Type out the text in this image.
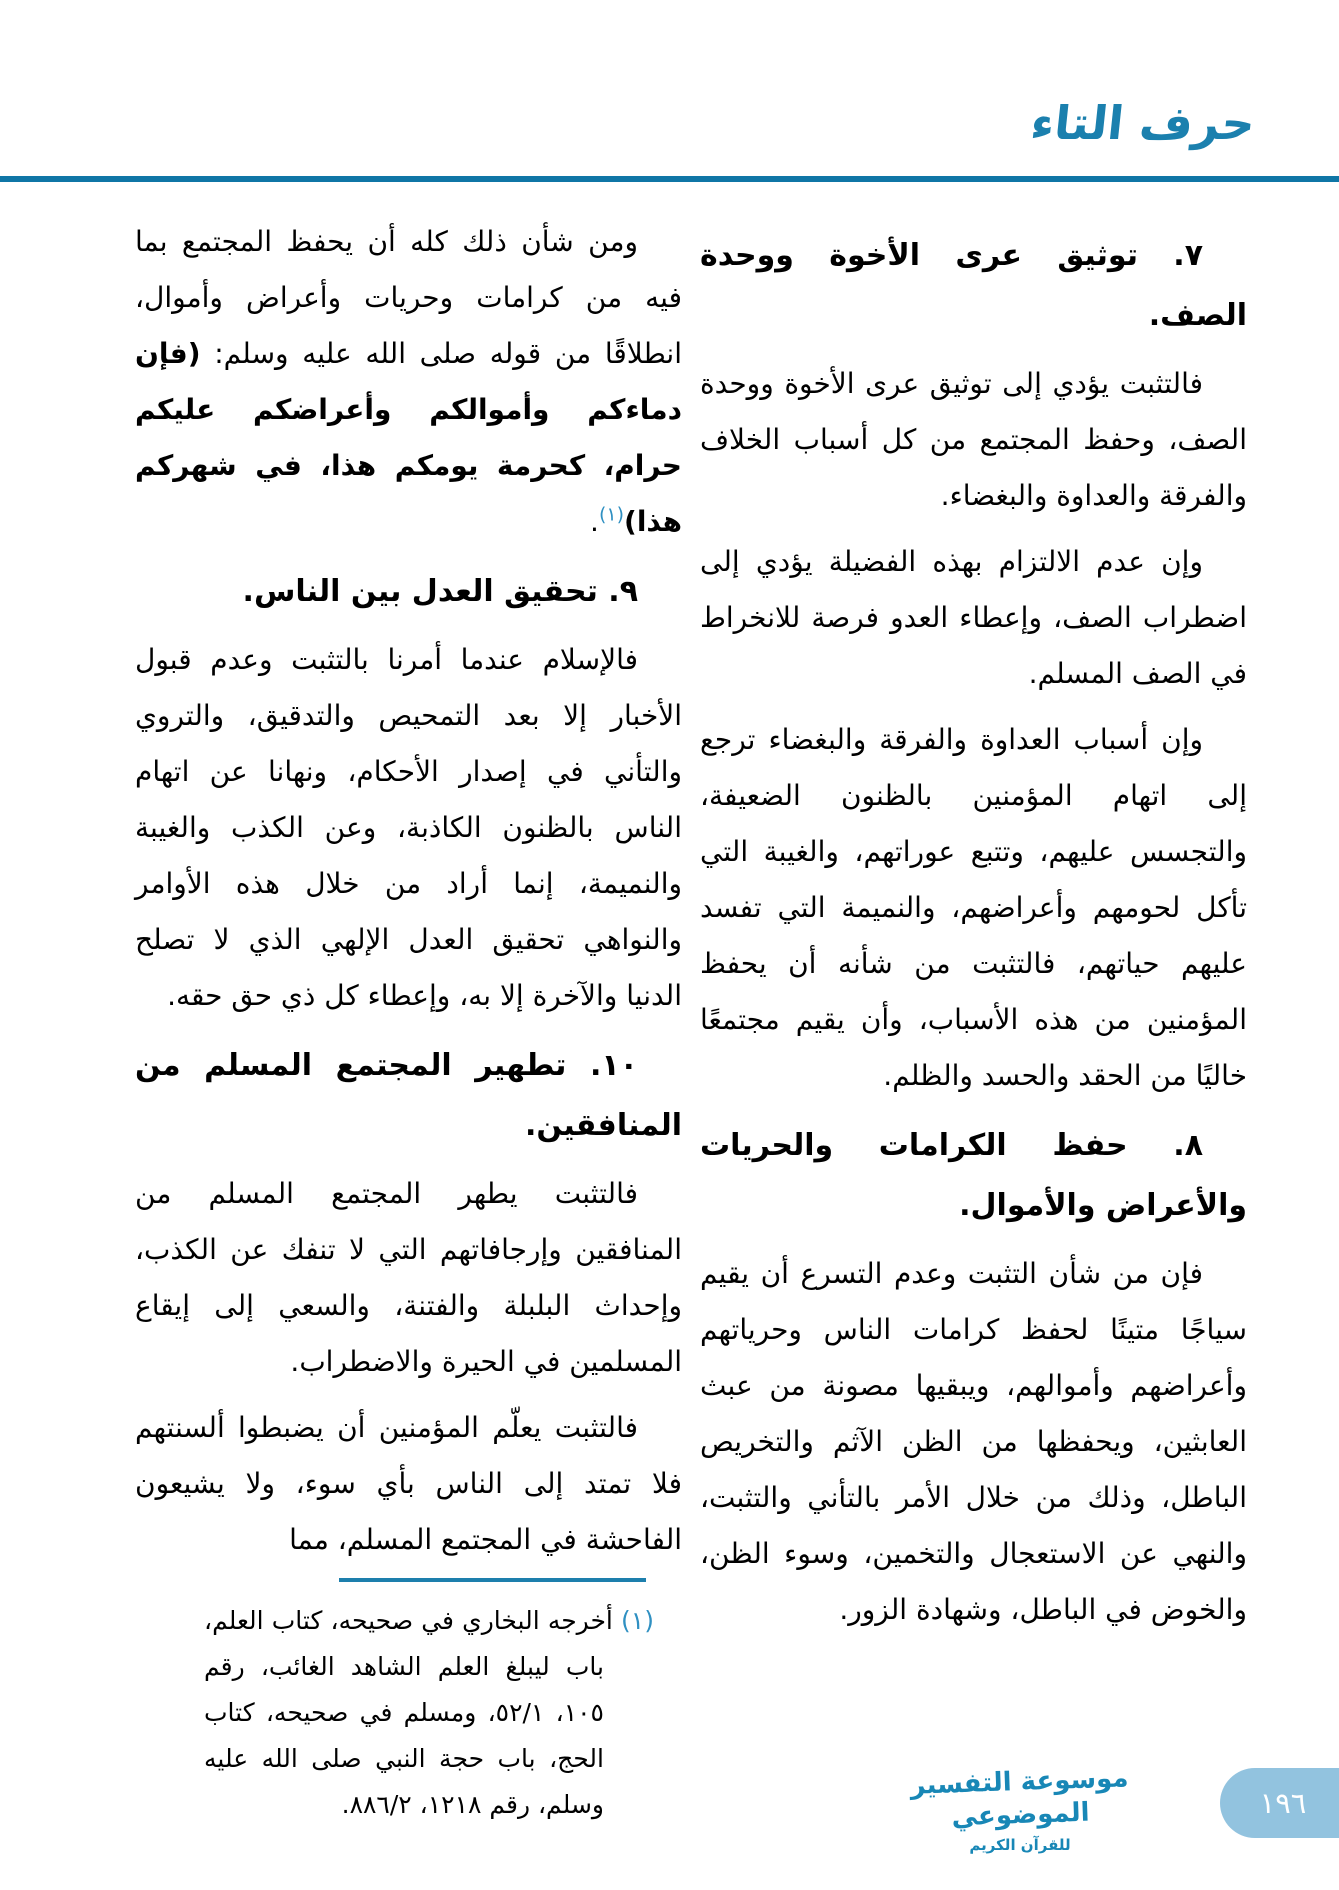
حرف التاء
٧. توثيق عرى الأخوة ووحدة الصف.

فالتثبت يؤدي إلى توثيق عرى الأخوة ووحدة الصف، وحفظ المجتمع من كل أسباب الخلاف والفرقة والعداوة والبغضاء.

وإن عدم الالتزام بهذه الفضيلة يؤدي إلى اضطراب الصف، وإعطاء العدو فرصة للانخراط في الصف المسلم.

وإن أسباب العداوة والفرقة والبغضاء ترجع إلى اتهام المؤمنين بالظنون الضعيفة، والتجسس عليهم، وتتبع عوراتهم، والغيبة التي تأكل لحومهم وأعراضهم، والنميمة التي تفسد عليهم حياتهم، فالتثبت من شأنه أن يحفظ المؤمنين من هذه الأسباب، وأن يقيم مجتمعًا خاليًا من الحقد والحسد والظلم.

٨. حفظ الكرامات والحريات والأعراض والأموال.

فإن من شأن التثبت وعدم التسرع أن يقيم سياجًا متينًا لحفظ كرامات الناس وحرياتهم وأعراضهم وأموالهم، ويبقيها مصونة من عبث العابثين، ويحفظها من الظن الآثم والتخريص الباطل، وذلك من خلال الأمر بالتأني والتثبت، والنهي عن الاستعجال والتخمين، وسوء الظن، والخوض في الباطل، وشهادة الزور.

ومن شأن ذلك كله أن يحفظ المجتمع بما فيه من كرامات وحريات وأعراض وأموال، انطلاقًا من قوله صلى الله عليه وسلم: (فإن دماءكم وأموالكم وأعراضكم عليكم حرام، كحرمة يومكم هذا، في شهركم هذا)$^{(١)}$.

٩. تحقيق العدل بين الناس.

فالإسلام عندما أمرنا بالتثبت وعدم قبول الأخبار إلا بعد التمحيص والتدقيق، والتروي والتأني في إصدار الأحكام، ونهانا عن اتهام الناس بالظنون الكاذبة، وعن الكذب والغيبة والنميمة، إنما أراد من خلال هذه الأوامر والنواهي تحقيق العدل الإلهي الذي لا تصلح الدنيا والآخرة إلا به، وإعطاء كل ذي حق حقه.

١٠. تطهير المجتمع المسلم من المنافقين.

فالتثبت يطهر المجتمع المسلم من المنافقين وإرجافاتهم التي لا تنفك عن الكذب، وإحداث البلبلة والفتنة، والسعي إلى إيقاع المسلمين في الحيرة والاضطراب.

فالتثبت يعلّم المؤمنين أن يضبطوا ألسنتهم فلا تمتد إلى الناس بأي سوء، ولا يشيعون الفاحشة في المجتمع المسلم، مما

(١) أخرجه البخاري في صحيحه، كتاب العلم، باب ليبلغ العلم الشاهد الغائب، رقم ١٠٥، ٥٢/١، ومسلم في صحيحه، كتاب الحج، باب حجة النبي صلى الله عليه وسلم، رقم ١٢١٨، ٨٨٦/٢.
موسوعة التفسير الموضوعي
للقرآن الكريم
١٩٦
